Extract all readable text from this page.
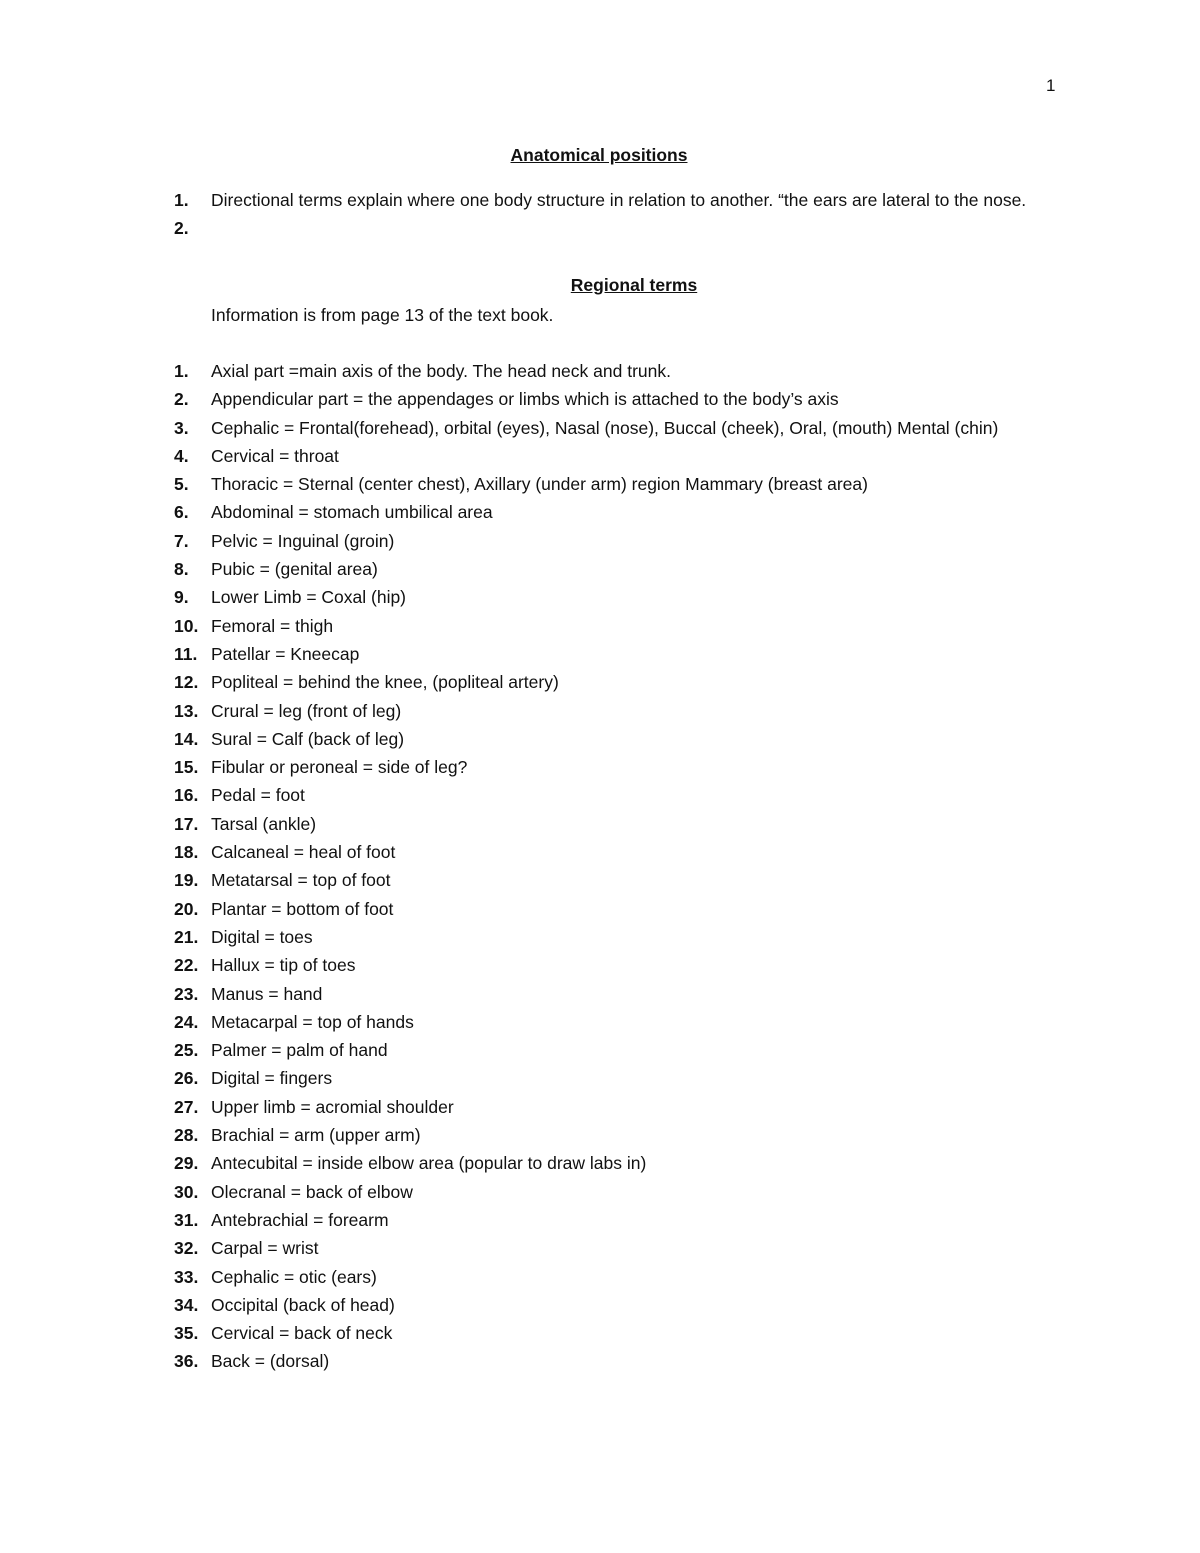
1
Anatomical positions
1. Directional terms explain where one body structure in relation to another. “the ears are lateral to the nose.
2.
Regional terms
Information is from page 13 of the text book.
1. Axial part =main axis of the body. The head neck and trunk.
2. Appendicular part = the appendages or limbs which is attached to the body’s axis
3. Cephalic = Frontal(forehead), orbital (eyes), Nasal (nose), Buccal (cheek), Oral, (mouth) Mental (chin)
4. Cervical = throat
5. Thoracic = Sternal (center chest), Axillary (under arm) region Mammary (breast area)
6. Abdominal = stomach umbilical area
7. Pelvic = Inguinal (groin)
8. Pubic = (genital area)
9. Lower Limb = Coxal (hip)
10. Femoral = thigh
11. Patellar = Kneecap
12. Popliteal = behind the knee, (popliteal artery)
13. Crural = leg (front of leg)
14. Sural = Calf (back of leg)
15. Fibular or peroneal = side of leg?
16. Pedal = foot
17. Tarsal (ankle)
18. Calcaneal = heal of foot
19. Metatarsal = top of foot
20. Plantar = bottom of foot
21. Digital = toes
22. Hallux = tip of toes
23. Manus = hand
24. Metacarpal = top of hands
25. Palmer = palm of hand
26. Digital = fingers
27. Upper limb = acromial shoulder
28. Brachial = arm (upper arm)
29. Antecubital = inside elbow area (popular to draw labs in)
30. Olecranal = back of elbow
31. Antebrachial = forearm
32. Carpal = wrist
33. Cephalic = otic (ears)
34. Occipital (back of head)
35. Cervical = back of neck
36. Back = (dorsal)
